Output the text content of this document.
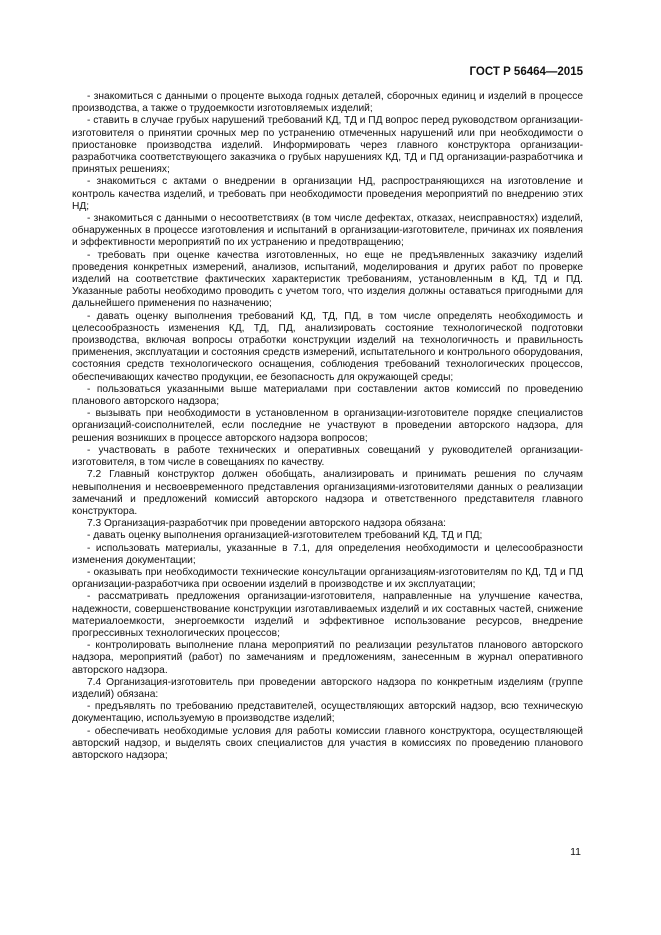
ГОСТ Р 56464—2015

- знакомиться с данными о проценте выхода годных деталей, сборочных единиц и изделий в процессе производства, а также о трудоемкости изготовляемых изделий;

- ставить в случае грубых нарушений требований КД, ТД и ПД вопрос перед руководством организации-изготовителя о принятии срочных мер по устранению отмеченных нарушений или при необходимости о приостановке производства изделий. Информировать через главного конструктора организации-разработчика соответствующего заказчика о грубых нарушениях КД, ТД и ПД организации-разработчика и принятых решениях;

- знакомиться с актами о внедрении в организации НД, распространяющихся на изготовление и контроль качества изделий, и требовать при необходимости проведения мероприятий по внедрению этих НД;

- знакомиться с данными о несоответствиях (в том числе дефектах, отказах, неисправностях) изделий, обнаруженных в процессе изготовления и испытаний в организации-изготовителе, причинах их появления и эффективности мероприятий по их устранению и предотвращению;

- требовать при оценке качества изготовленных, но еще не предъявленных заказчику изделий проведения конкретных измерений, анализов, испытаний, моделирования и других работ по проверке изделий на соответствие фактических характеристик требованиям, установленным в КД, ТД и ПД. Указанные работы необходимо проводить с учетом того, что изделия должны оставаться пригодными для дальнейшего применения по назначению;

- давать оценку выполнения требований КД, ТД, ПД, в том числе определять необходимость и целесообразность изменения КД, ТД, ПД, анализировать состояние технологической подготовки производства, включая вопросы отработки конструкции изделий на технологичность и правильность применения, эксплуатации и состояния средств измерений, испытательного и контрольного оборудования, состояния средств технологического оснащения, соблюдения требований технологических процессов, обеспечивающих качество продукции, ее безопасность для окружающей среды;

- пользоваться указанными выше материалами при составлении актов комиссий по проведению планового авторского надзора;

- вызывать при необходимости в установленном в организации-изготовителе порядке специалистов организаций-соисполнителей, если последние не участвуют в проведении авторского надзора, для решения возникших в процессе авторского надзора вопросов;

- участвовать в работе технических и оперативных совещаний у руководителей организации-изготовителя, в том числе в совещаниях по качеству.

7.2 Главный конструктор должен обобщать, анализировать и принимать решения по случаям невыполнения и несвоевременного представления организациями-изготовителями данных о реализации замечаний и предложений комиссий авторского надзора и ответственного представителя главного конструктора.

7.3 Организация-разработчик при проведении авторского надзора обязана:

- давать оценку выполнения организацией-изготовителем требований КД, ТД и ПД;

- использовать материалы, указанные в 7.1, для определения необходимости и целесообразности изменения документации;

- оказывать при необходимости технические консультации организациям-изготовителям по КД, ТД и ПД организации-разработчика при освоении изделий в производстве и их эксплуатации;

- рассматривать предложения организации-изготовителя, направленные на улучшение качества, надежности, совершенствование конструкции изготавливаемых изделий и их составных частей, снижение материалоемкости, энергоемкости изделий и эффективное использование ресурсов, внедрение прогрессивных технологических процессов;

- контролировать выполнение плана мероприятий по реализации результатов планового авторского надзора, мероприятий (работ) по замечаниям и предложениям, занесенным в журнал оперативного авторского надзора.

7.4 Организация-изготовитель при проведении авторского надзора по конкретным изделиям (группе изделий) обязана:

- предъявлять по требованию представителей, осуществляющих авторский надзор, всю техническую документацию, используемую в производстве изделий;

- обеспечивать необходимые условия для работы комиссии главного конструктора, осуществляющей авторский надзор, и выделять своих специалистов для участия в комиссиях по проведению планового авторского надзора;

11
